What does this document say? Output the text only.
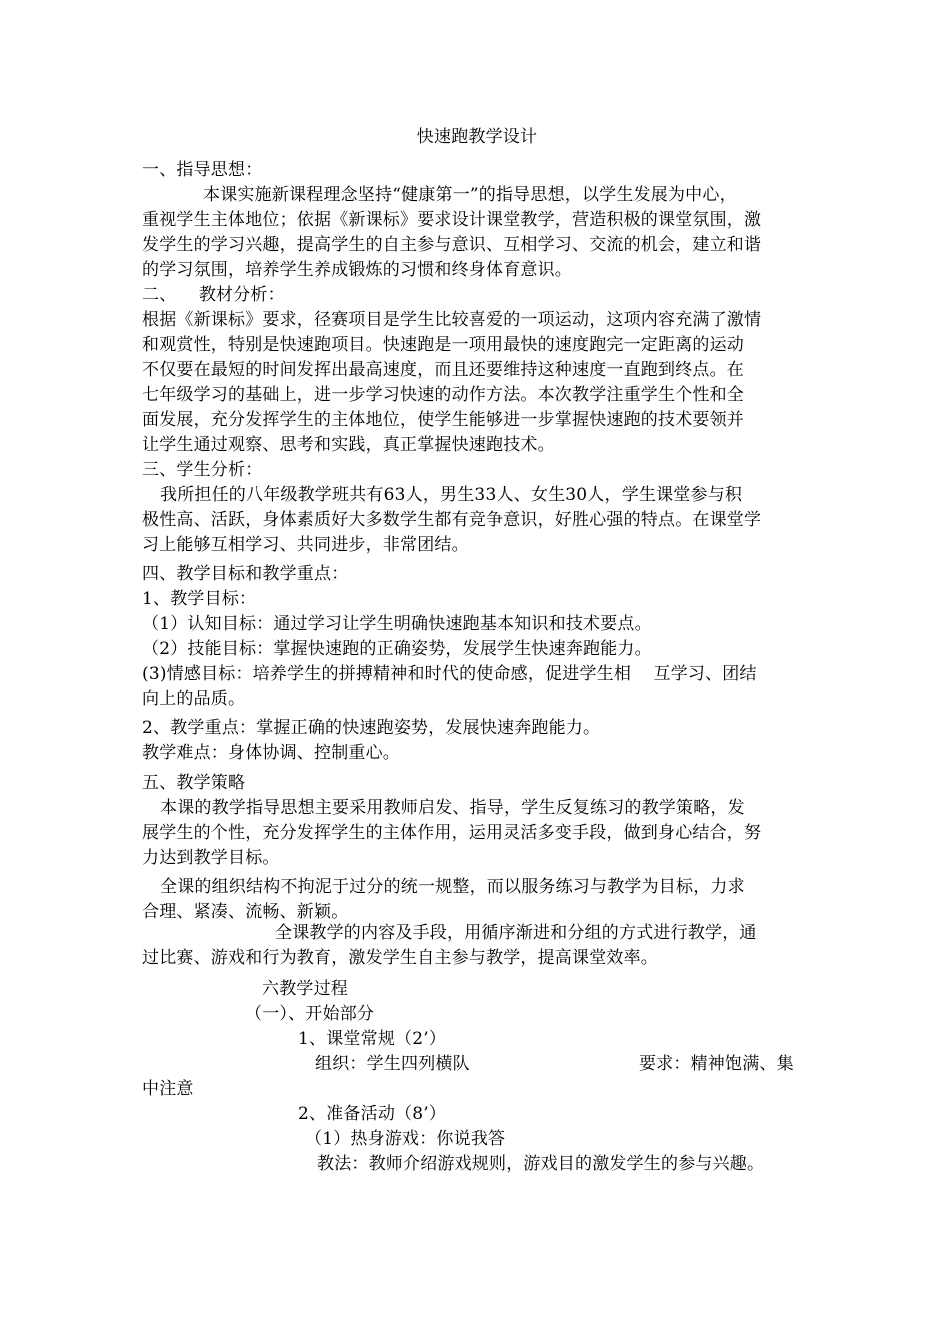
快速跑教学设计
一、指导思想：
本课实施新课程理念坚持“健康第一”的指导思想，以学生发展为中心，
重视学生主体地位；依据《新课标》要求设计课堂教学，营造积极的课堂氛围，激
发学生的学习兴趣，提高学生的自主参与意识、互相学习、交流的机会，建立和谐
的学习氛围，培养学生养成锻炼的习惯和终身体育意识。
二、    教材分析：
根据《新课标》要求，径赛项目是学生比较喜爱的一项运动，这项内容充满了激情
和观赏性，特别是快速跑项目。快速跑是一项用最快的速度跑完一定距离的运动
不仅要在最短的时间发挥出最高速度，而且还要维持这种速度一直跑到终点。在
七年级学习的基础上，进一步学习快速的动作方法。本次教学注重学生个性和全
面发展，充分发挥学生的主体地位，使学生能够进一步掌握快速跑的技术要领并
让学生通过观察、思考和实践，真正掌握快速跑技术。
三、学生分析：
我所担任的八年级教学班共有63人，男生33人、女生30人，学生课堂参与积
极性高、活跃，身体素质好大多数学生都有竞争意识，好胜心强的特点。在课堂学
习上能够互相学习、共同进步，非常团结。
四、教学目标和教学重点：
1、教学目标：
（1）认知目标：通过学习让学生明确快速跑基本知识和技术要点。
（2）技能目标：掌握快速跑的正确姿势，发展学生快速奔跑能力。
(3)情感目标：培养学生的拼搏精神和时代的使命感，促进学生相    互学习、团结
向上的品质。
2、教学重点：掌握正确的快速跑姿势，发展快速奔跑能力。
教学难点：身体协调、控制重心。
五、教学策略
本课的教学指导思想主要采用教师启发、指导，学生反复练习的教学策略，发
展学生的个性，充分发挥学生的主体作用，运用灵活多变手段，做到身心结合，努
力达到教学目标。
全课的组织结构不拘泥于过分的统一规整，而以服务练习与教学为目标，力求
合理、紧凑、流畅、新颖。
全课教学的内容及手段，用循序渐进和分组的方式进行教学，通
过比赛、游戏和行为教育，激发学生自主参与教学，提高课堂效率。
六教学过程
（一）、开始部分
1、课堂常规（2’）
组织：学生四列横队	要求：精神饱满、集
中注意
2、准备活动（8’）
（1）热身游戏：你说我答
教法：教师介绍游戏规则，游戏目的激发学生的参与兴趣。
